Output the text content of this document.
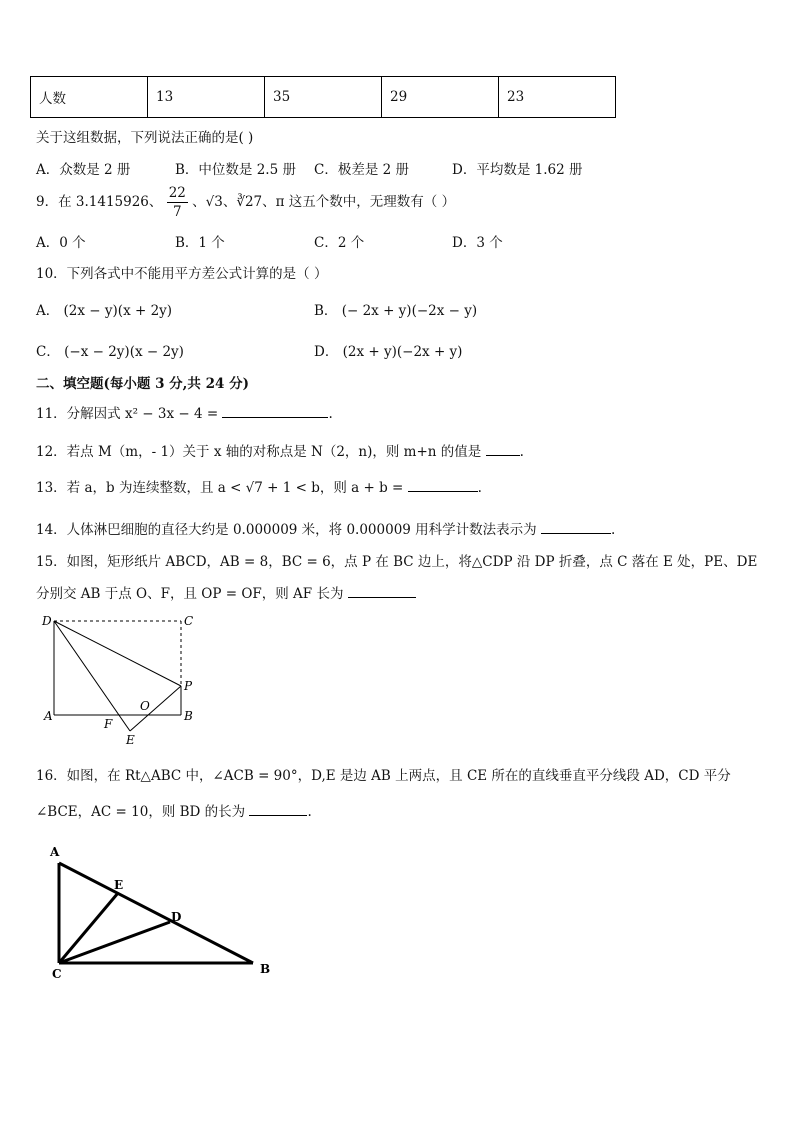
人数	13	35	29	23
关于这组数据，下列说法正确的是( )
A．众数是 2 册	B．中位数是 2.5 册 C．极差是 2 册	D．平均数是 1.62 册
9．在 3.1415926、 $\frac{22}{7}$ 、√3、∛27、π 这五个数中，无理数有（ ）
A．0 个	B．1 个	C．2 个	D．3 个
10．下列各式中不能用平方差公式计算的是（ ）
A． (2x − y)(x + 2y)	B． (− 2x + y)(−2x − y)
C． (−x − 2y)(x − 2y)	D． (2x + y)(−2x + y)
二、填空题(每小题 3 分,共 24 分)
11．分解因式 x² − 3x − 4 =	.
12．若点 M（m，- 1）关于 x 轴的对称点是 N（2，n)，则 m+n 的值是	.
13．若 a，b 为连续整数，且 a < √7 + 1 < b，则 a + b =	.
14．人体淋巴细胞的直径大约是 0.000009 米，将 0.000009 用科学计数法表示为	.
15．如图，矩形纸片 ABCD，AB = 8，BC = 6，点 P 在 BC 边上，将△CDP 沿 DP 折叠，点 C 落在 E 处，PE、DE
分别交 AB 于点 O、F，且 OP = OF，则 AF 长为
D	C
P
A	B
F
O
E
16．如图，在 Rt△ABC 中，∠ACB = 90°，D,E 是边 AB 上两点，且 CE 所在的直线垂直平分线段 AD，CD 平分
∠BCE，AC = 10，则 BD 的长为	.
A
E
D
C	B
